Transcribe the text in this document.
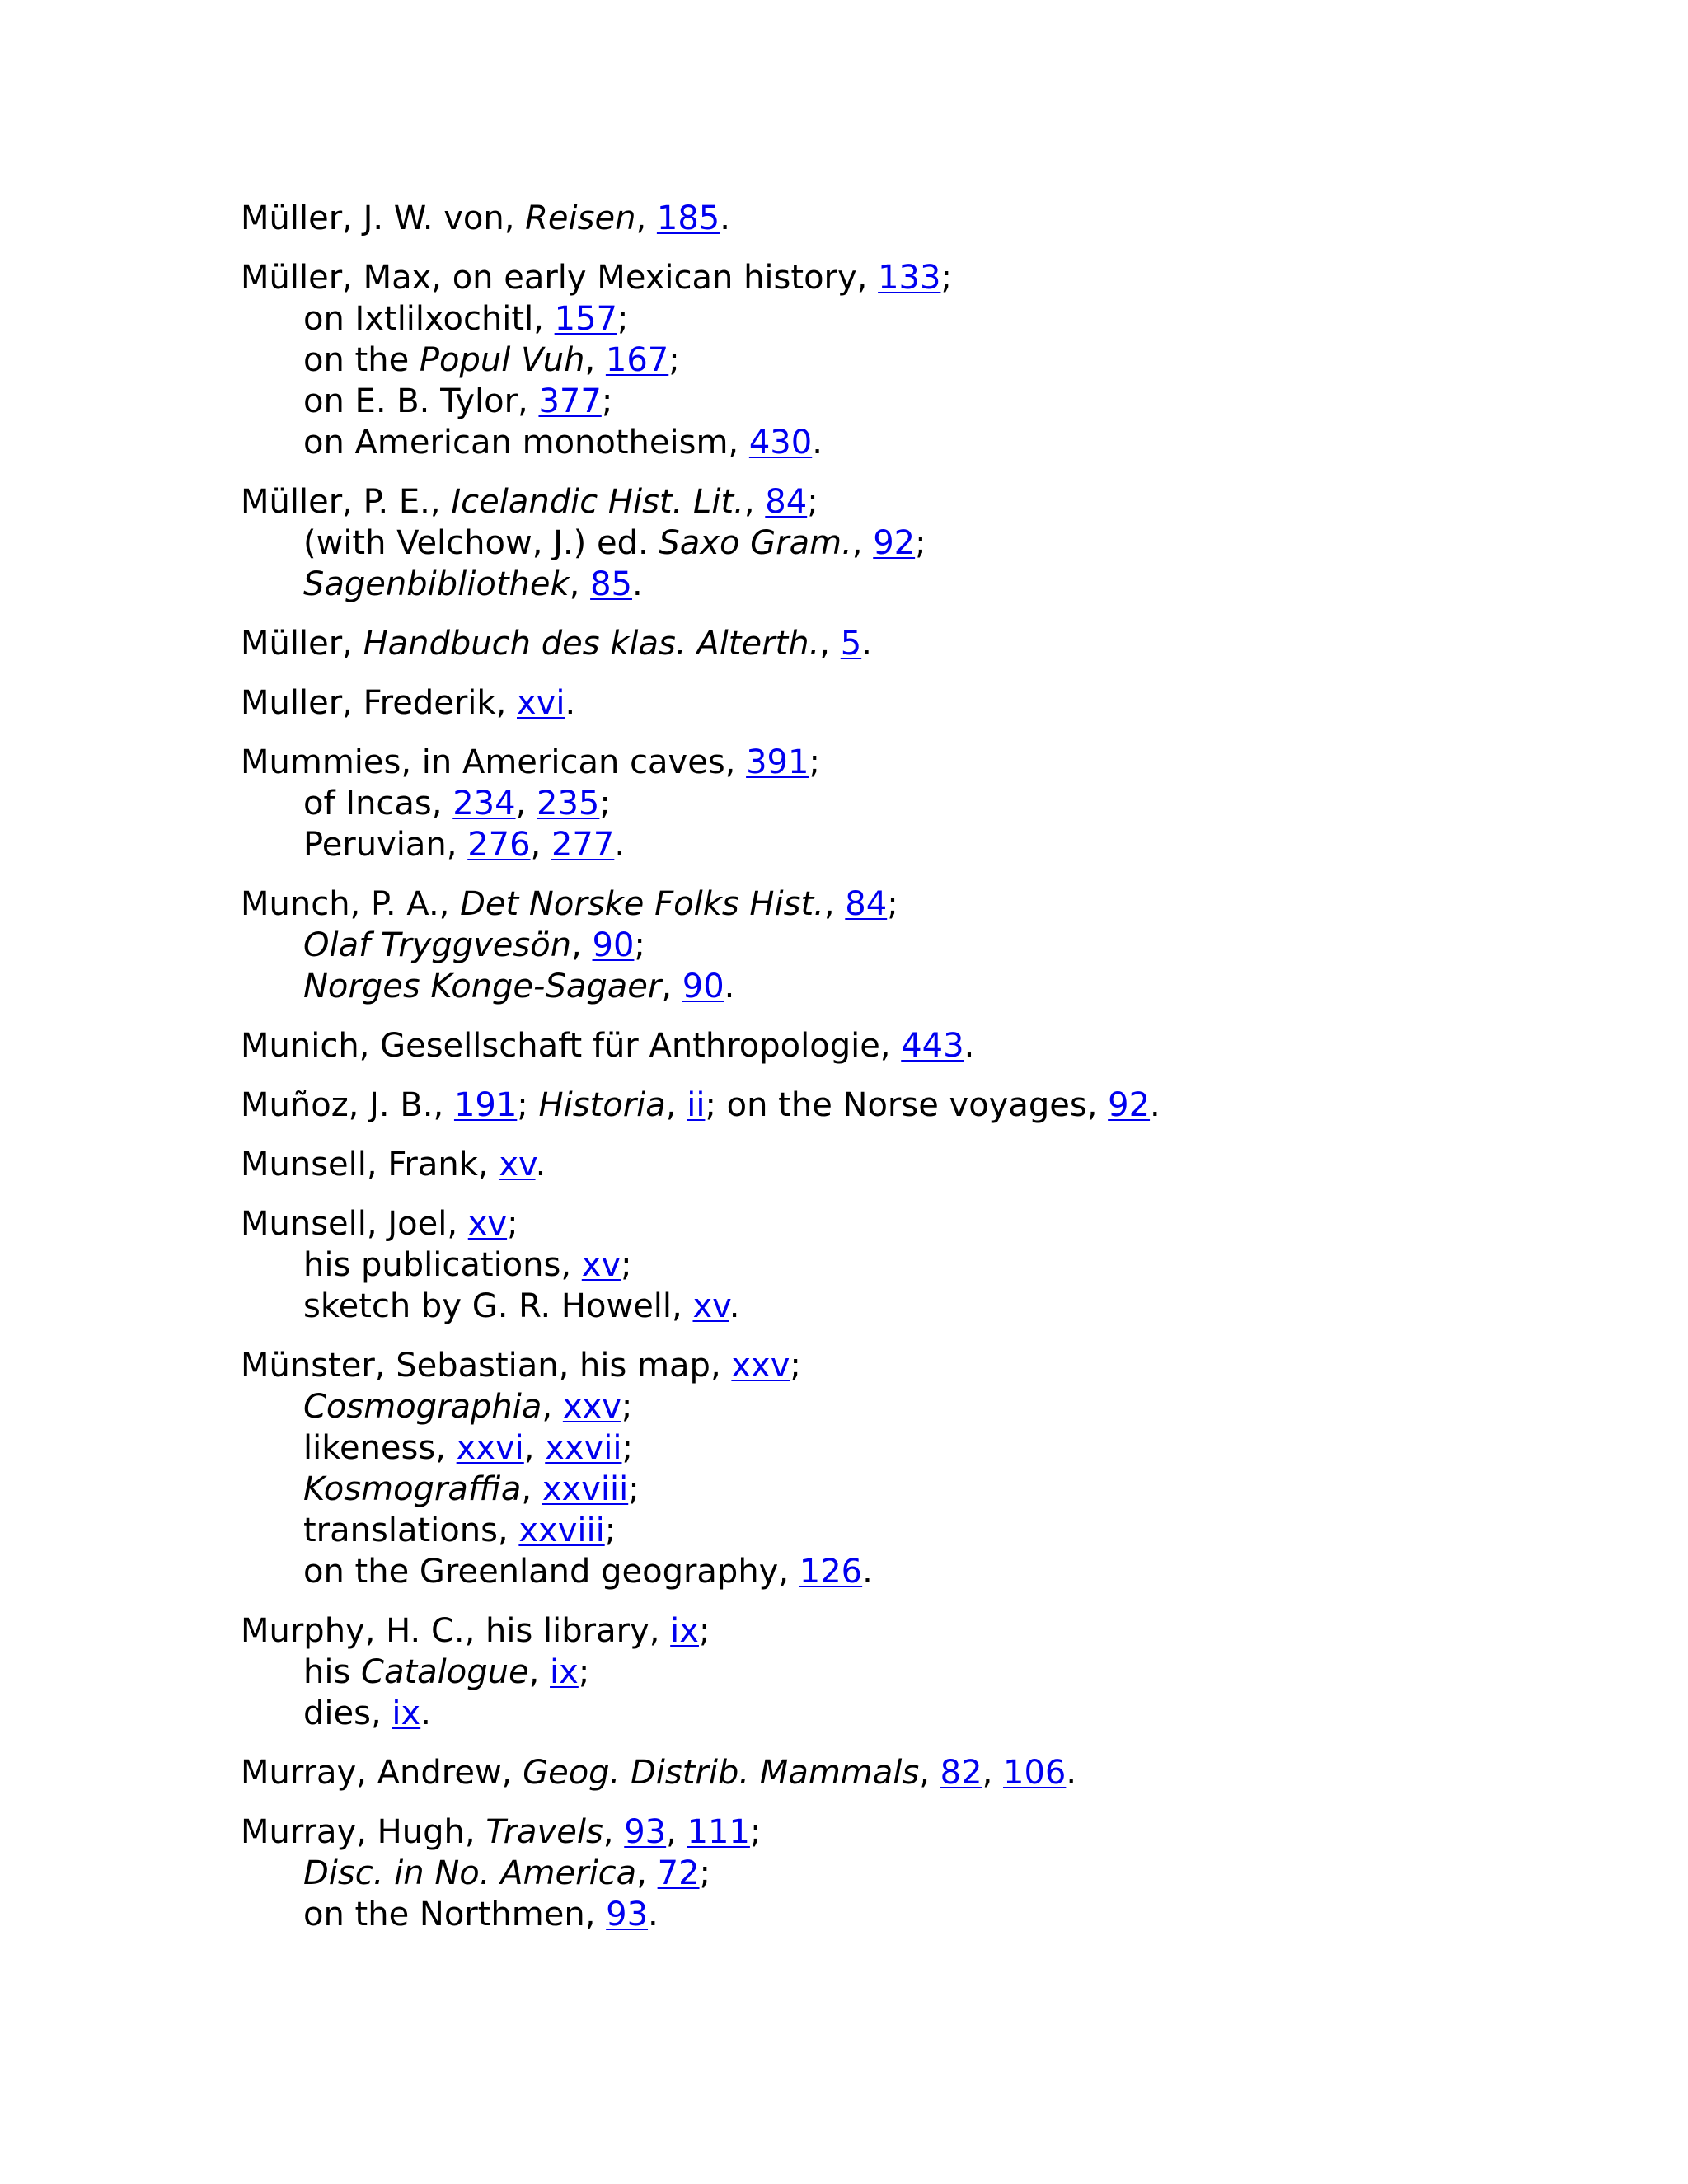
Müller, J. W. von, Reisen, 185.
Müller, Max, on early Mexican history, 133;
on Ixtlilxochitl, 157;
on the Popul Vuh, 167;
on E. B. Tylor, 377;
on American monotheism, 430.
Müller, P. E., Icelandic Hist. Lit., 84;
(with Velchow, J.) ed. Saxo Gram., 92;
Sagenbibliothek, 85.
Müller, Handbuch des klas. Alterth., 5.
Muller, Frederik, xvi.
Mummies, in American caves, 391;
of Incas, 234, 235;
Peruvian, 276, 277.
Munch, P. A., Det Norske Folks Hist., 84;
Olaf Tryggvesön, 90;
Norges Konge-Sagaer, 90.
Munich, Gesellschaft für Anthropologie, 443.
Muñoz, J. B., 191; Historia, ii; on the Norse voyages, 92.
Munsell, Frank, xv.
Munsell, Joel, xv;
his publications, xv;
sketch by G. R. Howell, xv.
Münster, Sebastian, his map, xxv;
Cosmographia, xxv;
likeness, xxvi, xxvii;
Kosmograffia, xxviii;
translations, xxviii;
on the Greenland geography, 126.
Murphy, H. C., his library, ix;
his Catalogue, ix;
dies, ix.
Murray, Andrew, Geog. Distrib. Mammals, 82, 106.
Murray, Hugh, Travels, 93, 111;
Disc. in No. America, 72;
on the Northmen, 93.
